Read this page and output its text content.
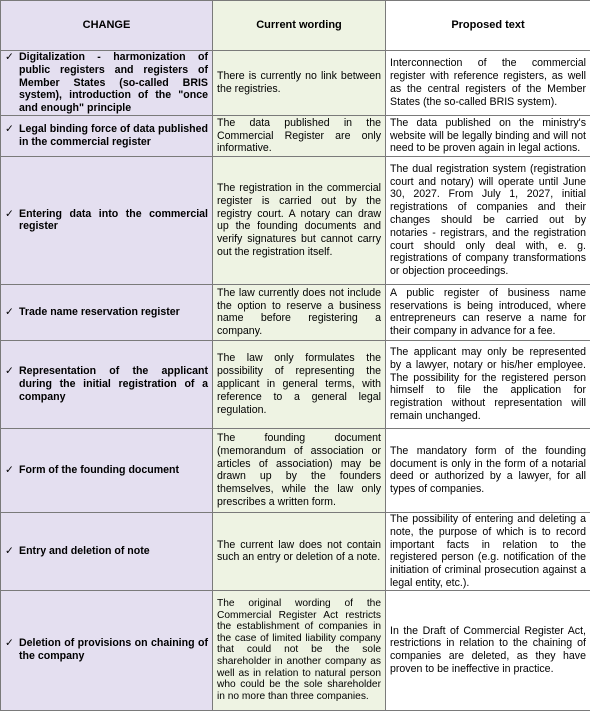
CHANGE	Current wording	Proposed text

✓ Digitalization - harmonization of public registers and registers of Member States (so-called BRIS system), introduction of the "once and enough" principle	There is currently no link between the registries.	Interconnection of the commercial register with reference registers, as well as the central registers of the Member States (the so-called BRIS system).

✓ Legal binding force of data published in the commercial register	The data published in the Commercial Register are only informative.	The data published on the ministry's website will be legally binding and will not need to be proven again in legal actions.

✓ Entering data into the commercial register	The registration in the commercial register is carried out by the registry court. A notary can draw up the founding documents and verify signatures but cannot carry out the registration itself.	The dual registration system (registration court and notary) will operate until June 30, 2027. From July 1, 2027, initial registrations of companies and their changes should be carried out by notaries - registrars, and the registration court should only deal with, e. g. registrations of company transformations or objection proceedings.

✓ Trade name reservation register	The law currently does not include the option to reserve a business name before registering a company.	A public register of business name reservations is being introduced, where entrepreneurs can reserve a name for their company in advance for a fee.

✓ Representation of the applicant during the initial registration of a company	The law only formulates the possibility of representing the applicant in general terms, with reference to a general legal regulation.	The applicant may only be represented by a lawyer, notary or his/her employee. The possibility for the registered person himself to file the application for registration without representation will remain unchanged.

✓ Form of the founding document	The founding document (memorandum of association or articles of association) may be drawn up by the founders themselves, while the law only prescribes a written form.	The mandatory form of the founding document is only in the form of a notarial deed or authorized by a lawyer, for all types of companies.

✓ Entry and deletion of note	The current law does not contain such an entry or deletion of a note.	The possibility of entering and deleting a note, the purpose of which is to record important facts in relation to the registered person (e.g. notification of the initiation of criminal prosecution against a legal entity, etc.).

✓ Deletion of provisions on chaining of the company	The original wording of the Commercial Register Act restricts the establishment of companies in the case of limited liability company that could not be the sole shareholder in another company as well as in relation to natural person who could be the sole shareholder in no more than three companies.	In the Draft of Commercial Register Act, restrictions in relation to the chaining of companies are deleted, as they have proven to be ineffective in practice.
